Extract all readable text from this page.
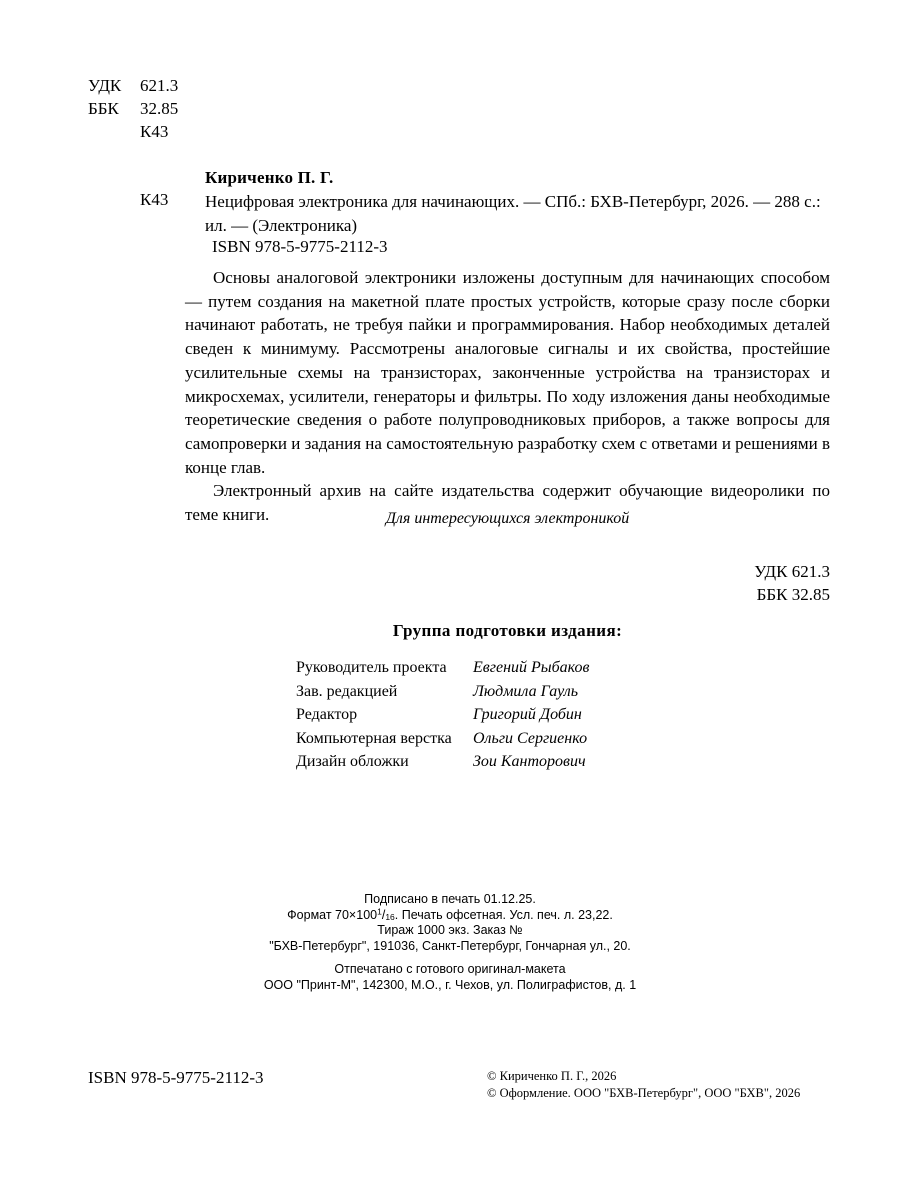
УДК	621.3
ББК	32.85
К43
Кириченко П. Г.
К43 Нецифровая электроника для начинающих. — СПб.: БХВ-Петербург, 2026. — 288 с.: ил. — (Электроника)
ISBN 978-5-9775-2112-3

Основы аналоговой электроники изложены доступным для начинающих способом — путем создания на макетной плате простых устройств, которые сразу после сборки начинают работать, не требуя пайки и программирования. Набор необходимых деталей сведен к минимуму. Рассмотрены аналоговые сигналы и их свойства, простейшие усилительные схемы на транзисторах, законченные устройства на транзисторах и микросхемах, усилители, генераторы и фильтры. По ходу изложения даны необходимые теоретические сведения о работе полупроводниковых приборов, а также вопросы для самопроверки и задания на самостоятельную разработку схем с ответами и решениями в конце глав.

Электронный архив на сайте издательства содержит обучающие видеоролики по теме книги.	Для интересующихся электроникой
УДК 621.3
ББК 32.85
Группа подготовки издания:
Руководитель проекта	Евгений Рыбаков
Зав. редакцией	Людмила Гауль
Редактор	Григорий Добин
Компьютерная верстка	Ольги Сергиенко
Дизайн обложки	Зои Канторович
Подписано в печать 01.12.25.
Формат $70\times 100^1/_{16}$. Печать офсетная. Усл. печ. л. 23,22.
Тираж 1000 экз. Заказ №
"БХВ-Петербург", 191036, Санкт-Петербург, Гончарная ул., 20.
Отпечатано с готового оригинал-макета
ООО "Принт-М", 142300, М.О., г. Чехов, ул. Полиграфистов, д. 1
ISBN 978-5-9775-2112-3	© Кириченко П. Г., 2026
© Оформление. ООО "БХВ-Петербург", ООО "БХВ", 2026
